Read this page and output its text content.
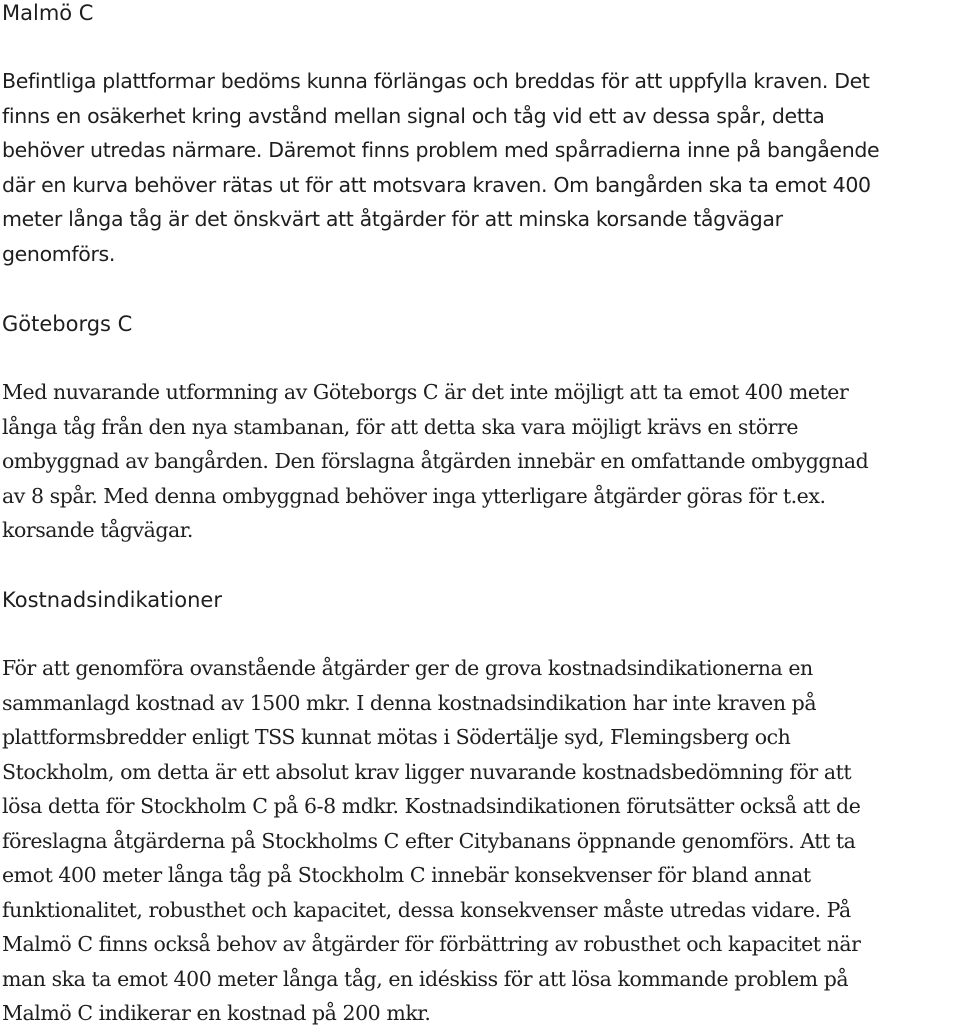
Malmö C
Befintliga plattformar bedöms kunna förlängas och breddas för att uppfylla kraven. Det
finns en osäkerhet kring avstånd mellan signal och tåg vid ett av dessa spår, detta
behöver utredas närmare. Däremot finns problem med spårradierna inne på bangående
där en kurva behöver rätas ut för att motsvara kraven. Om bangården ska ta emot 400
meter långa tåg är det önskvärt att åtgärder för att minska korsande tågvägar
genomförs.
Göteborgs C
Med nuvarande utformning av Göteborgs C är det inte möjligt att ta emot 400 meter
långa tåg från den nya stambanan, för att detta ska vara möjligt krävs en större
ombyggnad av bangården. Den förslagna åtgärden innebär en omfattande ombyggnad
av 8 spår. Med denna ombyggnad behöver inga ytterligare åtgärder göras för t.ex.
korsande tågvägar.
Kostnadsindikationer
För att genomföra ovanstående åtgärder ger de grova kostnadsindikationerna en
sammanlagd kostnad av 1500 mkr. I denna kostnadsindikation har inte kraven på
plattformsbredder enligt TSS kunnat mötas i Södertälje syd, Flemingsberg och
Stockholm, om detta är ett absolut krav ligger nuvarande kostnadsbedömning för att
lösa detta för Stockholm C på 6-8 mdkr. Kostnadsindikationen förutsätter också att de
föreslagna åtgärderna på Stockholms C efter Citybanans öppnande genomförs. Att ta
emot 400 meter långa tåg på Stockholm C innebär konsekvenser för bland annat
funktionalitet, robusthet och kapacitet, dessa konsekvenser måste utredas vidare. På
Malmö C finns också behov av åtgärder för förbättring av robusthet och kapacitet när
man ska ta emot 400 meter långa tåg, en idéskiss för att lösa kommande problem på
Malmö C indikerar en kostnad på 200 mkr.
